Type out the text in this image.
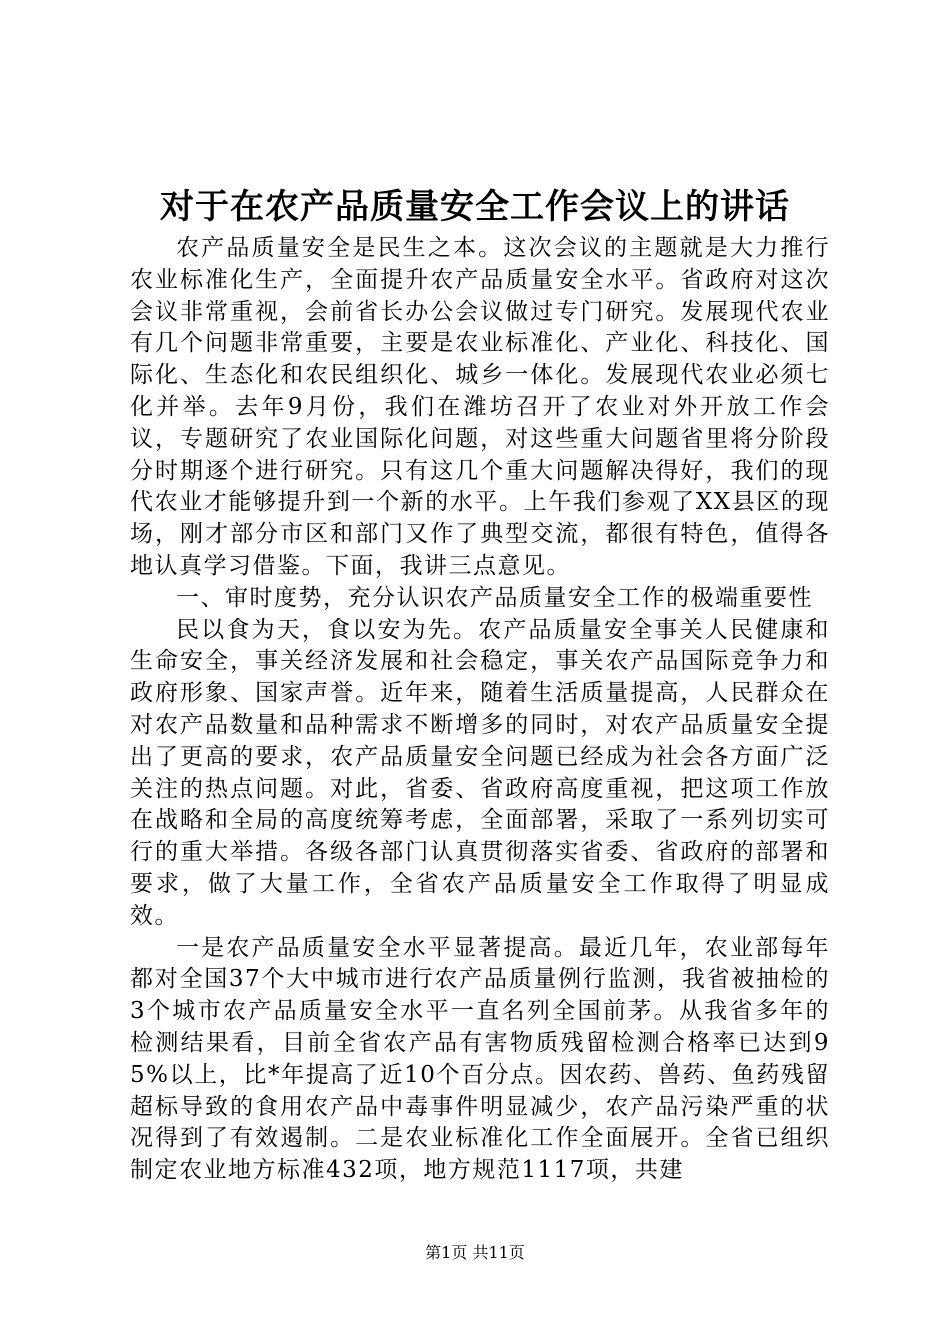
对于在农产品质量安全工作会议上的讲话

农产品质量安全是民生之本。这次会议的主题就是大力推行农业标准化生产，全面提升农产品质量安全水平。省政府对这次会议非常重视，会前省长办公会议做过专门研究。发展现代农业有几个问题非常重要，主要是农业标准化、产业化、科技化、国际化、生态化和农民组织化、城乡一体化。发展现代农业必须七化并举。去年9月份，我们在潍坊召开了农业对外开放工作会议，专题研究了农业国际化问题，对这些重大问题省里将分阶段分时期逐个进行研究。只有这几个重大问题解决得好，我们的现代农业才能够提升到一个新的水平。上午我们参观了XX县区的现场，刚才部分市区和部门又作了典型交流，都很有特色，值得各地认真学习借鉴。下面，我讲三点意见。

一、审时度势，充分认识农产品质量安全工作的极端重要性

民以食为天，食以安为先。农产品质量安全事关人民健康和生命安全，事关经济发展和社会稳定，事关农产品国际竞争力和政府形象、国家声誉。近年来，随着生活质量提高，人民群众在对农产品数量和品种需求不断增多的同时，对农产品质量安全提出了更高的要求，农产品质量安全问题已经成为社会各方面广泛关注的热点问题。对此，省委、省政府高度重视，把这项工作放在战略和全局的高度统筹考虑，全面部署，采取了一系列切实可行的重大举措。各级各部门认真贯彻落实省委、省政府的部署和要求，做了大量工作，全省农产品质量安全工作取得了明显成效。

一是农产品质量安全水平显著提高。最近几年，农业部每年都对全国37个大中城市进行农产品质量例行监测，我省被抽检的3个城市农产品质量安全水平一直名列全国前茅。从我省多年的检测结果看，目前全省农产品有害物质残留检测合格率已达到95%以上，比*年提高了近10个百分点。因农药、兽药、鱼药残留超标导致的食用农产品中毒事件明显减少，农产品污染严重的状况得到了有效遏制。二是农业标准化工作全面展开。全省已组织制定农业地方标准432项，地方规范1117项，共建

第1页 共11页
